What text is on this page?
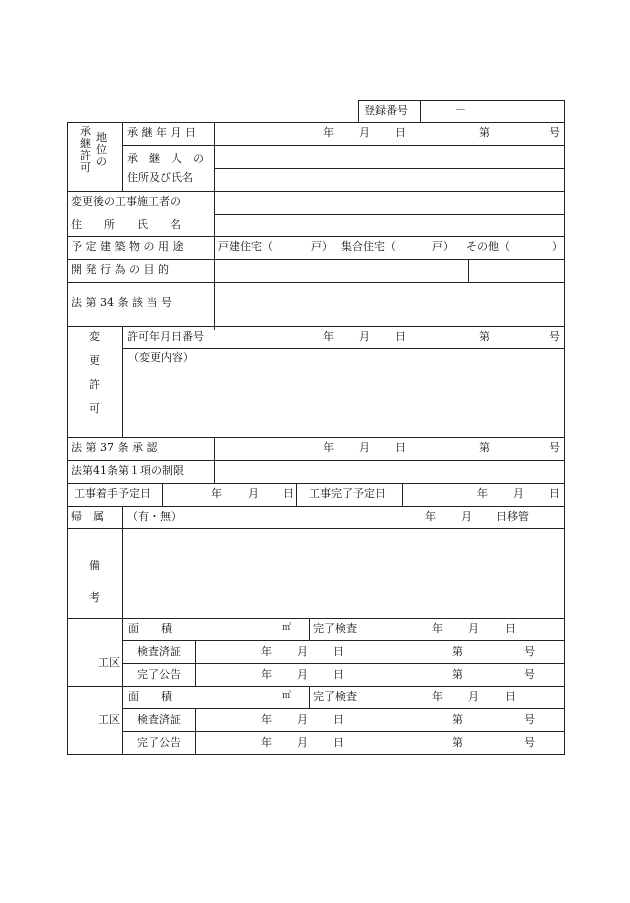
登録番号	－
承
継
許
可
地
位
の
承 継 年 月 日	年 月 日	第	号
承　継　人　の
住所及び氏名
変更後の工事施工者の
住　　所　　氏　　名
予 定 建 築 物 の 用 途	戸建住宅（	戸） 集合住宅（	戸） その他（	）
開 発 行 為 の 目 的
法 第 34 条 該 当 号
変
更
許
可
許可年月日番号	年 月 日	第	号
（変更内容）
法 第 37 条 承 認	年 月 日	第	号
法第41条第１項の制限
工事着手予定日	年 月 日 工事完了予定日	年 月 日
帰　属 （有・無）	年 月 日移管
備
考
工区
面　　積	㎡ 完了検査	年 月 日
検査済証	年 月 日	第	号
完了公告	年 月 日	第	号
工区
面　　積	㎡ 完了検査	年 月 日
検査済証	年 月 日	第	号
完了公告	年 月 日	第	号
